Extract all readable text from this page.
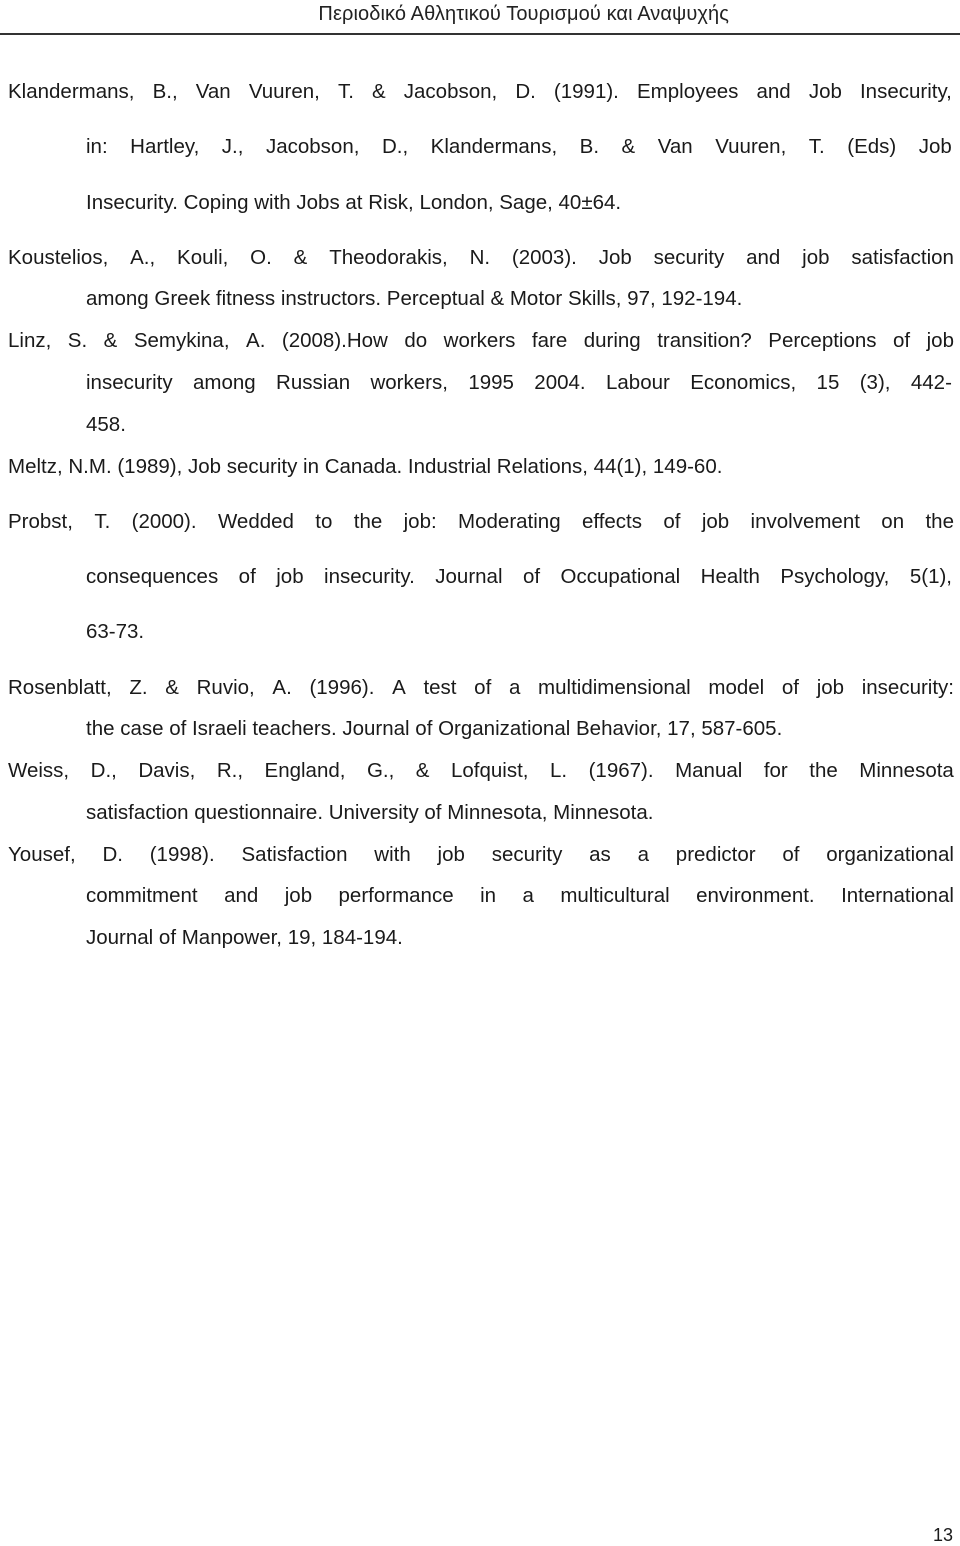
Περιοδικό Αθλητικού Τουρισμού και Αναψυχής
Klandermans, B., Van Vuuren, T. & Jacobson, D. (1991). Employees and Job Insecurity,
in: Hartley, J., Jacobson, D., Klandermans, B. & Van Vuuren, T. (Eds) Job
Insecurity. Coping with Jobs at Risk, London, Sage, 40±64.
Koustelios, A., Kouli, O. & Theodorakis, N. (2003). Job security and job satisfaction
among Greek fitness instructors. Perceptual & Motor Skills, 97, 192-194.
Linz, S. & Semykina, A. (2008).How do workers fare during transition? Perceptions of job
insecurity among Russian workers, 1995 2004. Labour Economics, 15 (3), 442-
458.
Meltz, N.M. (1989), Job security in Canada. Industrial Relations, 44(1), 149-60.
Probst, T. (2000). Wedded to the job: Moderating effects of job involvement on the
consequences of job insecurity. Journal of Occupational Health Psychology, 5(1),
63-73.
Rosenblatt, Z. & Ruvio, A. (1996). A test of a multidimensional model of job insecurity:
the case of Israeli teachers. Journal of Organizational Behavior, 17, 587-605.
Weiss, D., Davis, R., England, G., & Lofquist, L. (1967). Manual for the Minnesota
satisfaction questionnaire. University of Minnesota, Minnesota.
Yousef, D. (1998). Satisfaction with job security as a predictor of organizational
commitment and job performance in a multicultural environment. International
Journal of Manpower, 19, 184-194.
13
